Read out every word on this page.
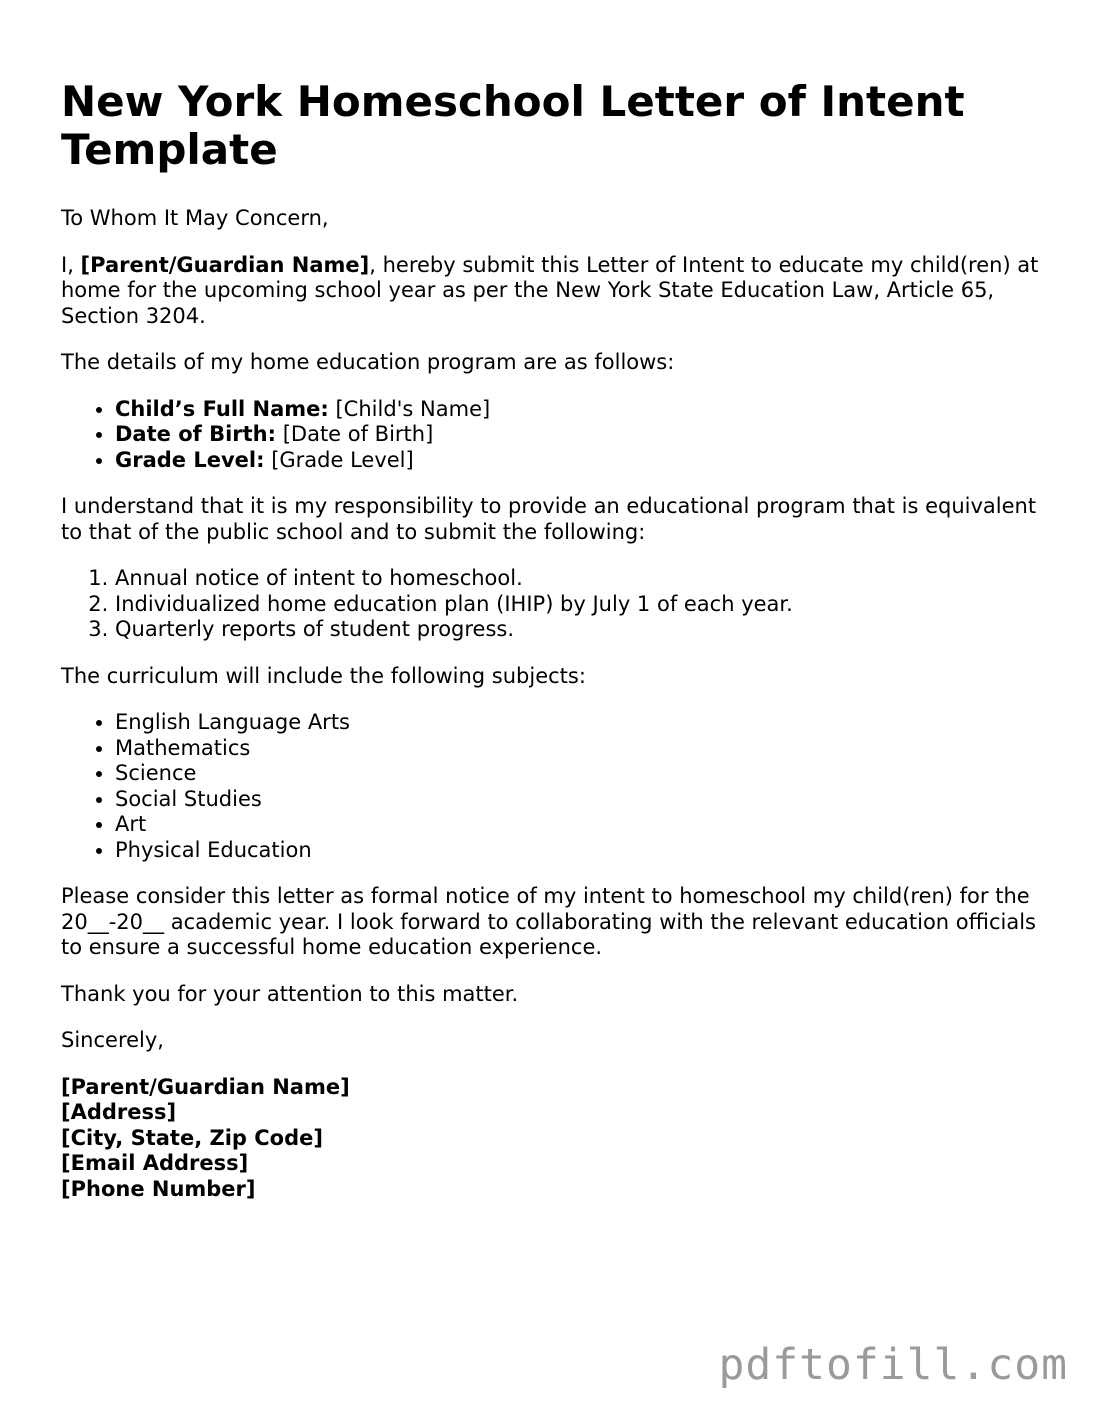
New York Homeschool Letter of Intent Template

To Whom It May Concern,

I, [Parent/Guardian Name], hereby submit this Letter of Intent to educate my child(ren) at home for the upcoming school year as per the New York State Education Law, Article 65, Section 3204.

The details of my home education program are as follows:

• Child’s Full Name: [Child's Name]
• Date of Birth: [Date of Birth]
• Grade Level: [Grade Level]

I understand that it is my responsibility to provide an educational program that is equivalent to that of the public school and to submit the following:

1. Annual notice of intent to homeschool.
2. Individualized home education plan (IHIP) by July 1 of each year.
3. Quarterly reports of student progress.

The curriculum will include the following subjects:

• English Language Arts
• Mathematics
• Science
• Social Studies
• Art
• Physical Education

Please consider this letter as formal notice of my intent to homeschool my child(ren) for the 20__-20__ academic year. I look forward to collaborating with the relevant education officials to ensure a successful home education experience.

Thank you for your attention to this matter.

Sincerely,

[Parent/Guardian Name]
[Address]
[City, State, Zip Code]
[Email Address]
[Phone Number]
pdftofill.com
